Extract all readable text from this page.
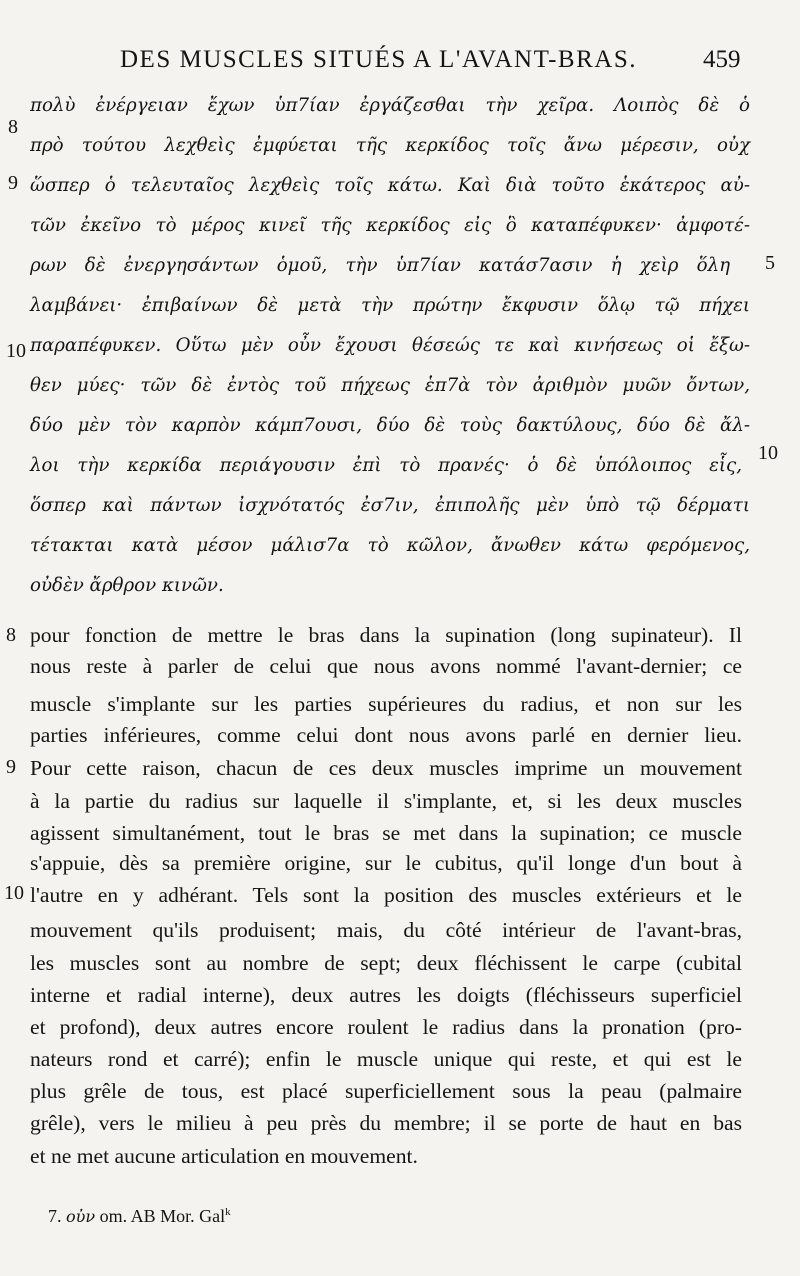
DES MUSCLES SITUÉS A L'AVANT-BRAS.	459
πολὺ ἐνέργειαν ἔχων ὑπ7ίαν ἐργάζεσθαι τὴν χεῖρα. Λοιπὸς δὲ ὁ
πρὸ τούτου λεχθεὶς ἐμφύεται τῆς κερκίδος τοῖς ἄνω μέρεσιν, οὐχ
ὥσπερ ὁ τελευταῖος λεχθεὶς τοῖς κάτω. Καὶ διὰ τοῦτο ἑκάτερος αὐ-
τῶν ἐκεῖνο τὸ μέρος κινεῖ τῆς κερκίδος εἰς ὃ καταπέφυκεν· ἀμφοτέ-
ρων δὲ ἐνεργησάντων ὁμοῦ, τὴν ὑπ7ίαν κατάσ7ασιν ἡ χεὶρ ὅλη
λαμβάνει· ἐπιβαίνων δὲ μετὰ τὴν πρώτην ἔκφυσιν ὅλῳ τῷ πήχει
παραπέφυκεν. Οὕτω μὲν οὖν ἔχουσι θέσεώς τε καὶ κινήσεως οἱ ἔξω-
θεν μύες· τῶν δὲ ἐντὸς τοῦ πήχεως ἑπ7ὰ τὸν ἀριθμὸν μυῶν ὄντων,
δύο μὲν τὸν καρπὸν κάμπ7ουσι, δύο δὲ τοὺς δακτύλους, δύο δὲ ἄλ-
λοι τὴν κερκίδα περιάγουσιν ἐπὶ τὸ πρανές· ὁ δὲ ὑπόλοιπος εἷς,
ὅσπερ καὶ πάντων ἰσχνότατός ἐσ7ιν, ἐπιπολῆς μὲν ὑπὸ τῷ δέρματι
τέτακται κατὰ μέσον μάλισ7α τὸ κῶλον, ἄνωθεν κάτω φερόμενος,
οὐδὲν ἄρθρον κινῶν.
8
9
10
5
10
pour fonction de mettre le bras dans la supination (long supinateur). Il
nous reste à parler de celui que nous avons nommé l'avant-dernier; ce
muscle s'implante sur les parties supérieures du radius, et non sur les
parties inférieures, comme celui dont nous avons parlé en dernier lieu.
Pour cette raison, chacun de ces deux muscles imprime un mouvement
à la partie du radius sur laquelle il s'implante, et, si les deux muscles
agissent simultanément, tout le bras se met dans la supination; ce muscle
s'appuie, dès sa première origine, sur le cubitus, qu'il longe d'un bout à
l'autre en y adhérant. Tels sont la position des muscles extérieurs et le
mouvement qu'ils produisent; mais, du côté intérieur de l'avant-bras,
les muscles sont au nombre de sept; deux fléchissent le carpe (cubital
interne et radial interne), deux autres les doigts (fléchisseurs superficiel
et profond), deux autres encore roulent le radius dans la pronation (pro-
nateurs rond et carré); enfin le muscle unique qui reste, et qui est le
plus grêle de tous, est placé superficiellement sous la peau (palmaire
grêle), vers le milieu à peu près du membre; il se porte de haut en bas
et ne met aucune articulation en mouvement.
8
9
10
7. οὐν om. AB Mor. Gal$^k$
